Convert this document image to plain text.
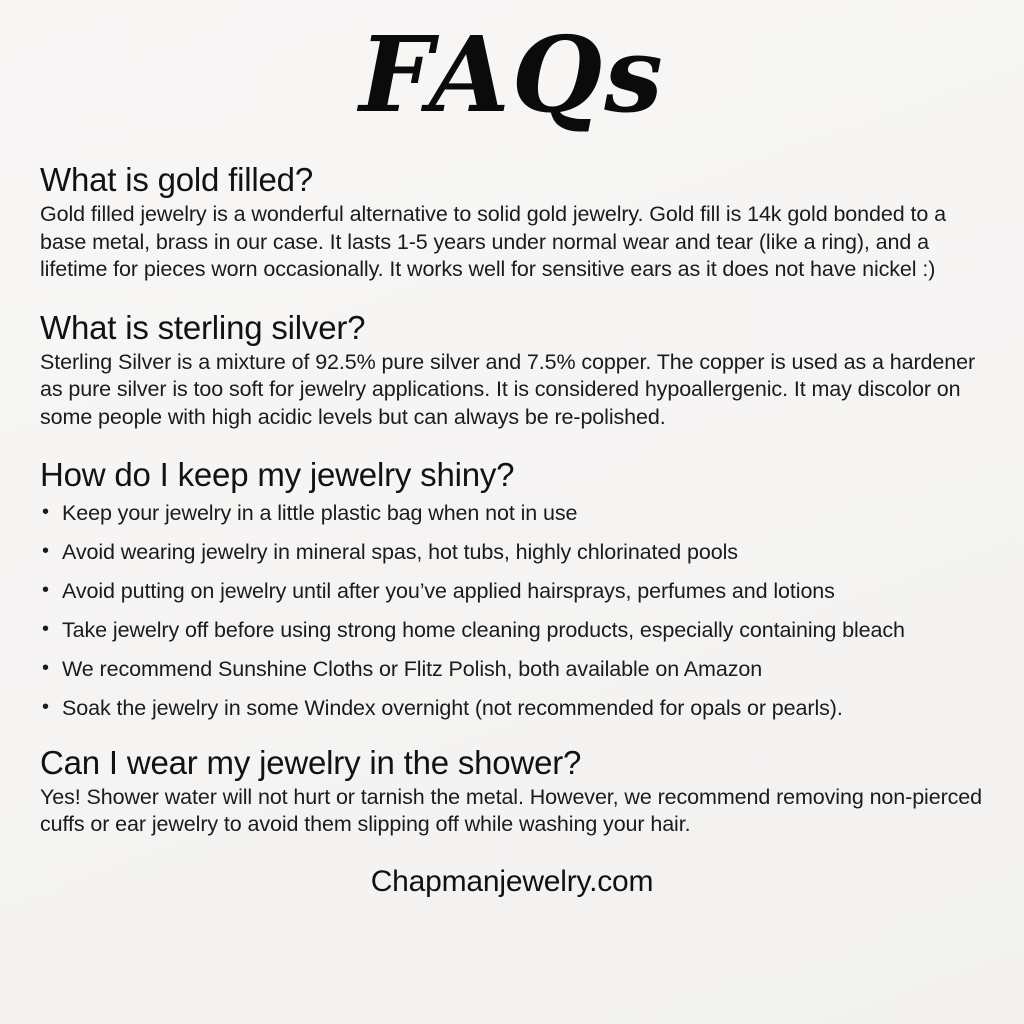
FAQs
What is gold filled?

Gold filled jewelry is a wonderful alternative to solid gold jewelry. Gold fill is 14k gold bonded to a base metal, brass in our case. It lasts 1-5 years under normal wear and tear (like a ring), and a lifetime for pieces worn occasionally. It works well for sensitive ears as it does not have nickel :)

What is sterling silver?

Sterling Silver is a mixture of 92.5% pure silver and 7.5% copper. The copper is used as a hardener as pure silver is too soft for jewelry applications. It is considered hypoallergenic. It may discolor on some people with high acidic levels but can always be re-polished.

How do I keep my jewelry shiny?
• Keep your jewelry in a little plastic bag when not in use
• Avoid wearing jewelry in mineral spas, hot tubs, highly chlorinated pools
• Avoid putting on jewelry until after you’ve applied hairsprays, perfumes and lotions
• Take jewelry off before using strong home cleaning products, especially containing bleach
• We recommend Sunshine Cloths or Flitz Polish, both available on Amazon
• Soak the jewelry in some Windex overnight (not recommended for opals or pearls).
Can I wear my jewelry in the shower?

Yes! Shower water will not hurt or tarnish the metal. However, we recommend removing non-pierced cuffs or ear jewelry to avoid them slipping off while washing your hair.

Chapmanjewelry.com
